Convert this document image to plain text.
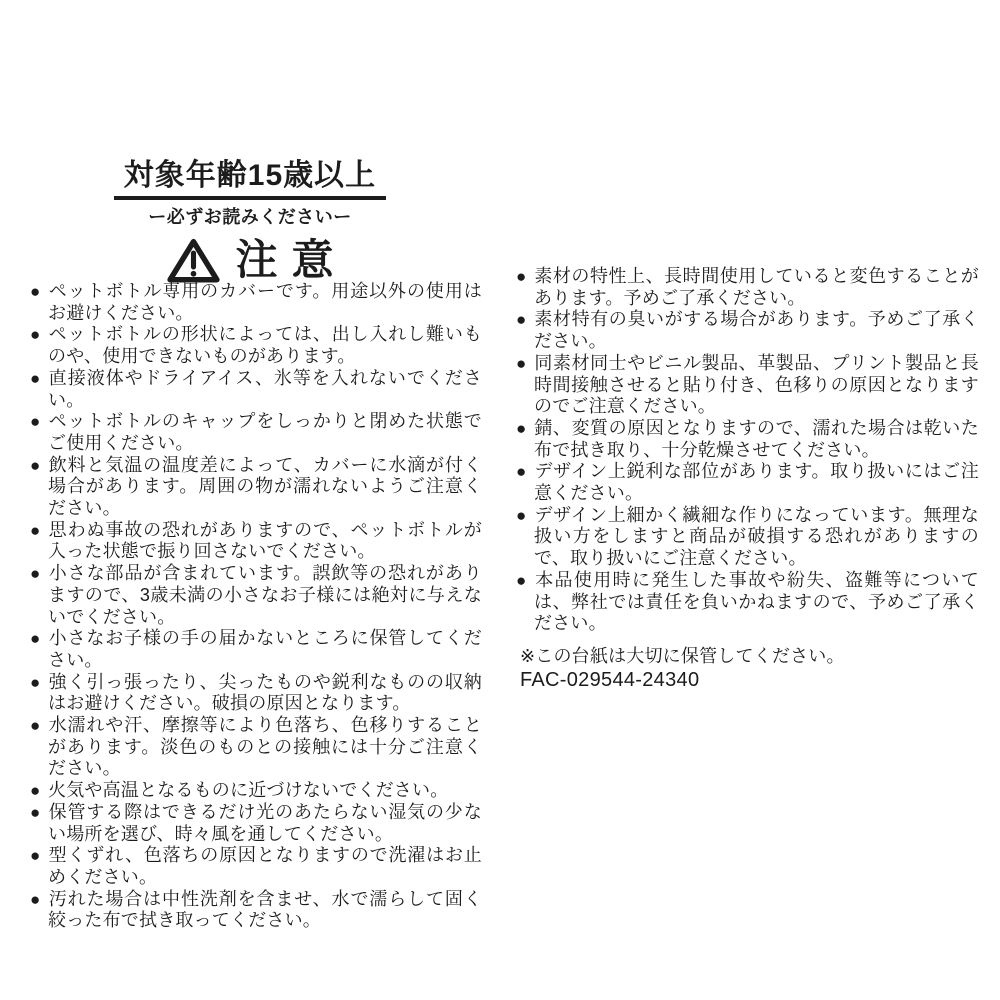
対象年齢15歳以上
ー必ずお読みくださいー
注意
● ペットボトル専用のカバーです。用途以外の使用はお避けください。
● ペットボトルの形状によっては、出し入れし難いものや、使用できないものがあります。
● 直接液体やドライアイス、氷等を入れないでください。
● ペットボトルのキャップをしっかりと閉めた状態でご使用ください。
● 飲料と気温の温度差によって、カバーに水滴が付く場合があります。周囲の物が濡れないようご注意ください。
● 思わぬ事故の恐れがありますので、ペットボトルが入った状態で振り回さないでください。
● 小さな部品が含まれています。誤飲等の恐れがありますので、3歳未満の小さなお子様には絶対に与えないでください。
● 小さなお子様の手の届かないところに保管してください。
● 強く引っ張ったり、尖ったものや鋭利なものの収納はお避けください。破損の原因となります。
● 水濡れや汗、摩擦等により色落ち、色移りすることがあります。淡色のものとの接触には十分ご注意ください。
● 火気や高温となるものに近づけないでください。
● 保管する際はできるだけ光のあたらない湿気の少ない場所を選び、時々風を通してください。
● 型くずれ、色落ちの原因となりますので洗濯はお止めください。
● 汚れた場合は中性洗剤を含ませ、水で濡らして固く絞った布で拭き取ってください。
● 素材の特性上、長時間使用していると変色することがあります。予めご了承ください。
● 素材特有の臭いがする場合があります。予めご了承ください。
● 同素材同士やビニル製品、革製品、プリント製品と長時間接触させると貼り付き、色移りの原因となりますのでご注意ください。
● 錆、変質の原因となりますので、濡れた場合は乾いた布で拭き取り、十分乾燥させてください。
● デザイン上鋭利な部位があります。取り扱いにはご注意ください。
● デザイン上細かく繊細な作りになっています。無理な扱い方をしますと商品が破損する恐れがありますので、取り扱いにご注意ください。
● 本品使用時に発生した事故や紛失、盗難等については、弊社では責任を負いかねますので、予めご了承ください。
※この台紙は大切に保管してください。
FAC-029544-24340
